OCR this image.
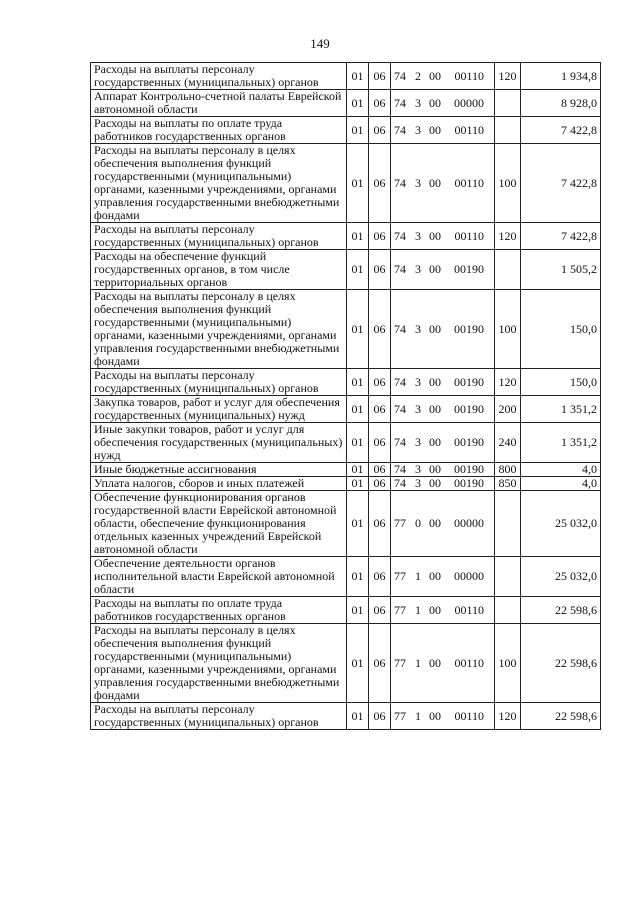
149
Расходы на выплаты персоналу государственных (муниципальных) органов	01	06	74 2 00 00110	120	1 934,8
Аппарат Контрольно-счетной палаты Еврейской автономной области	01	06	74 3 00 00000		8 928,0
Расходы на выплаты по оплате труда работников государственных органов	01	06	74 3 00 00110		7 422,8
Расходы на выплаты персоналу в целях обеспечения выполнения функций государственными (муниципальными) органами, казенными учреждениями, органами управления государственными внебюджетными фондами	01	06	74 3 00 00110	100	7 422,8
Расходы на выплаты персоналу государственных (муниципальных) органов	01	06	74 3 00 00110	120	7 422,8
Расходы на обеспечение функций государственных органов, в том числе территориальных органов	01	06	74 3 00 00190		1 505,2
Расходы на выплаты персоналу в целях обеспечения выполнения функций государственными (муниципальными) органами, казенными учреждениями, органами управления государственными внебюджетными фондами	01	06	74 3 00 00190	100	150,0
Расходы на выплаты персоналу государственных (муниципальных) органов	01	06	74 3 00 00190	120	150,0
Закупка товаров, работ и услуг для обеспечения государственных (муниципальных) нужд	01	06	74 3 00 00190	200	1 351,2
Иные закупки товаров, работ и услуг для обеспечения государственных (муниципальных) нужд	01	06	74 3 00 00190	240	1 351,2
Иные бюджетные ассигнования	01	06	74 3 00 00190	800	4,0
Уплата налогов, сборов и иных платежей	01	06	74 3 00 00190	850	4,0
Обеспечение функционирования органов государственной власти Еврейской автономной области, обеспечение функционирования отдельных казенных учреждений Еврейской автономной области	01	06	77 0 00 00000		25 032,0
Обеспечение деятельности органов исполнительной власти Еврейской автономной области	01	06	77 1 00 00000		25 032,0
Расходы на выплаты по оплате труда работников государственных органов	01	06	77 1 00 00110		22 598,6
Расходы на выплаты персоналу в целях обеспечения выполнения функций государственными (муниципальными) органами, казенными учреждениями, органами управления государственными внебюджетными фондами	01	06	77 1 00 00110	100	22 598,6
Расходы на выплаты персоналу государственных (муниципальных) органов	01	06	77 1 00 00110	120	22 598,6
